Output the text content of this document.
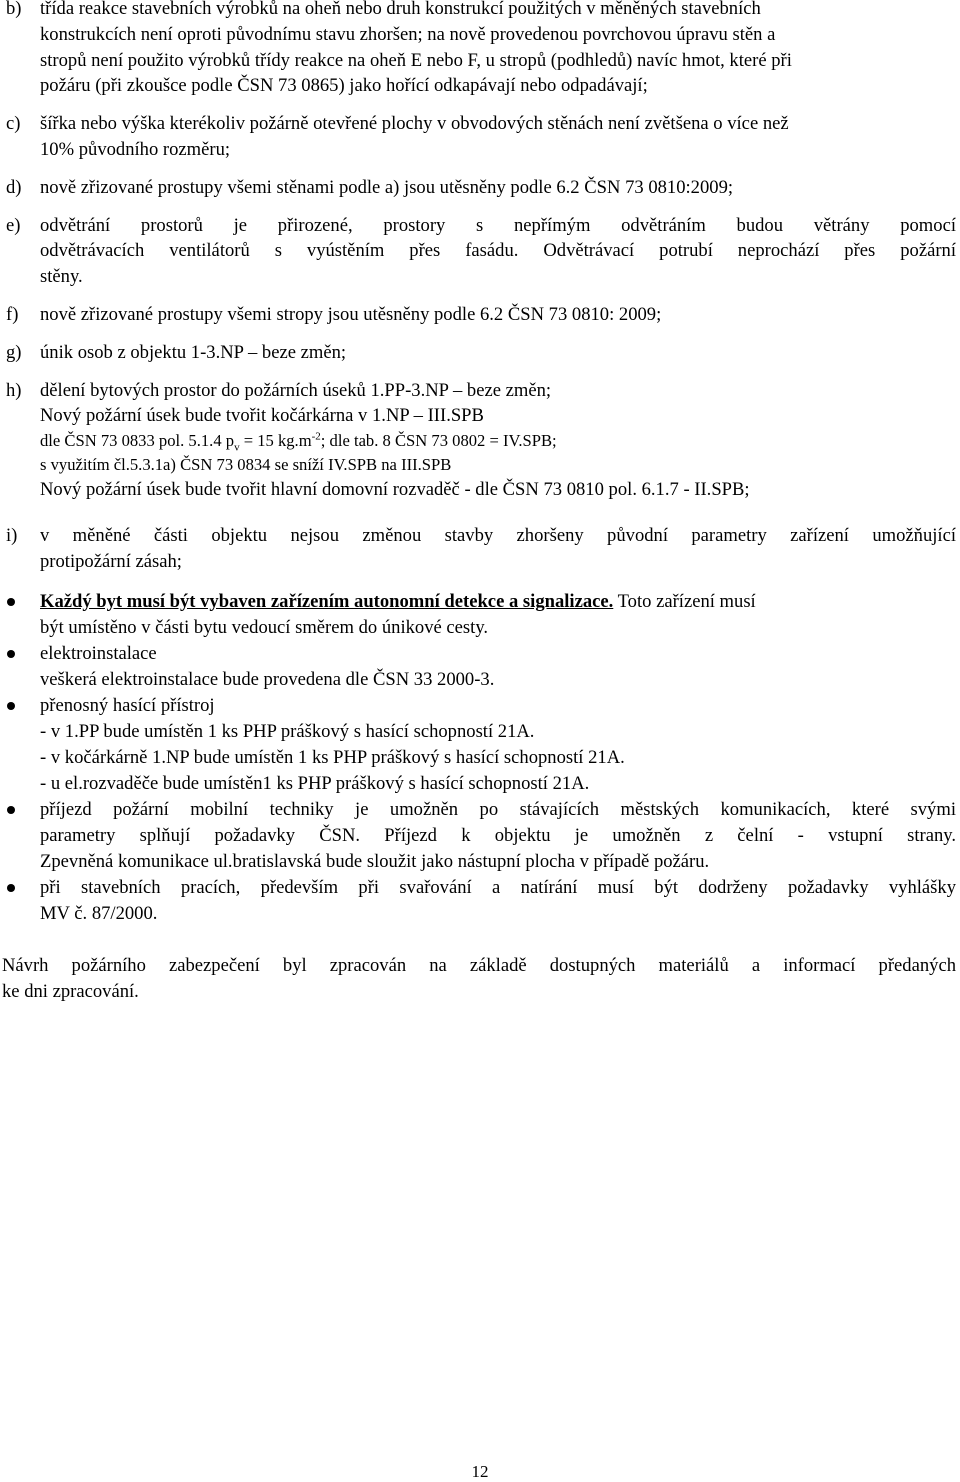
b) třída reakce stavebních výrobků na oheň nebo druh konstrukcí použitých v měněných stavebních
konstrukcích není oproti původnímu stavu zhoršen; na nově provedenou povrchovou úpravu stěn a
stropů není použito výrobků třídy reakce na oheň E nebo F, u stropů (podhledů) navíc hmot, které při
požáru (při zkoušce podle ČSN 73 0865) jako hořící odkapávají nebo odpadávají;
c) šířka nebo výška kterékoliv požárně otevřené plochy v obvodových stěnách není zvětšena o více než
10% původního rozměru;
d) nově zřizované prostupy všemi stěnami podle a) jsou utěsněny podle 6.2 ČSN 73 0810:2009;
e) odvětrání prostorů je přirozené, prostory s nepřímým odvětráním budou větrány pomocí
odvětrávacích ventilátorů s vyústěním přes fasádu. Odvětrávací potrubí neprochází přes požární
stěny.
f) nově zřizované prostupy všemi stropy jsou utěsněny podle 6.2 ČSN 73 0810: 2009;
g) únik osob z objektu 1-3.NP – beze změn;
h) dělení bytových prostor do požárních úseků 1.PP-3.NP – beze změn;
Nový požární úsek bude tvořit kočárkárna v 1.NP – III.SPB
dle ČSN 73 0833 pol. 5.1.4 $p_v = 15$ $kg.m^{-2}$; dle tab. 8 ČSN 73 0802 = IV.SPB;
s využitím čl.5.3.1a) ČSN 73 0834 se sníží IV.SPB na III.SPB
Nový požární úsek bude tvořit hlavní domovní rozvaděč - dle ČSN 73 0810 pol. 6.1.7 - II.SPB;
i) v měněné části objektu nejsou změnou stavby zhoršeny původní parametry zařízení umožňující
protipožární zásah;
Každý byt musí být vybaven zařízením autonomní detekce a signalizace. Toto zařízení musí
být umístěno v části bytu vedoucí směrem do únikové cesty.
elektroinstalace
veškerá elektroinstalace bude provedena dle ČSN 33 2000-3.
přenosný hasící přístroj
- v 1.PP bude umístěn 1 ks PHP práškový s hasící schopností 21A.
- v kočárkárně 1.NP bude umístěn 1 ks PHP práškový s hasící schopností 21A.
- u el.rozvaděče bude umístěn1 ks PHP práškový s hasící schopností 21A.
příjezd požární mobilní techniky je umožněn po stávajících městských komunikacích, které svými
parametry splňují požadavky ČSN. Příjezd k objektu je umožněn z čelní - vstupní strany.
Zpevněná komunikace ul.bratislavská bude sloužit jako nástupní plocha v případě požáru.
při stavebních pracích, především při svařování a natírání musí být dodrženy požadavky vyhlášky
MV č. 87/2000.
Návrh požárního zabezpečení byl zpracován na základě dostupných materiálů a informací předaných
ke dni zpracování.
12
